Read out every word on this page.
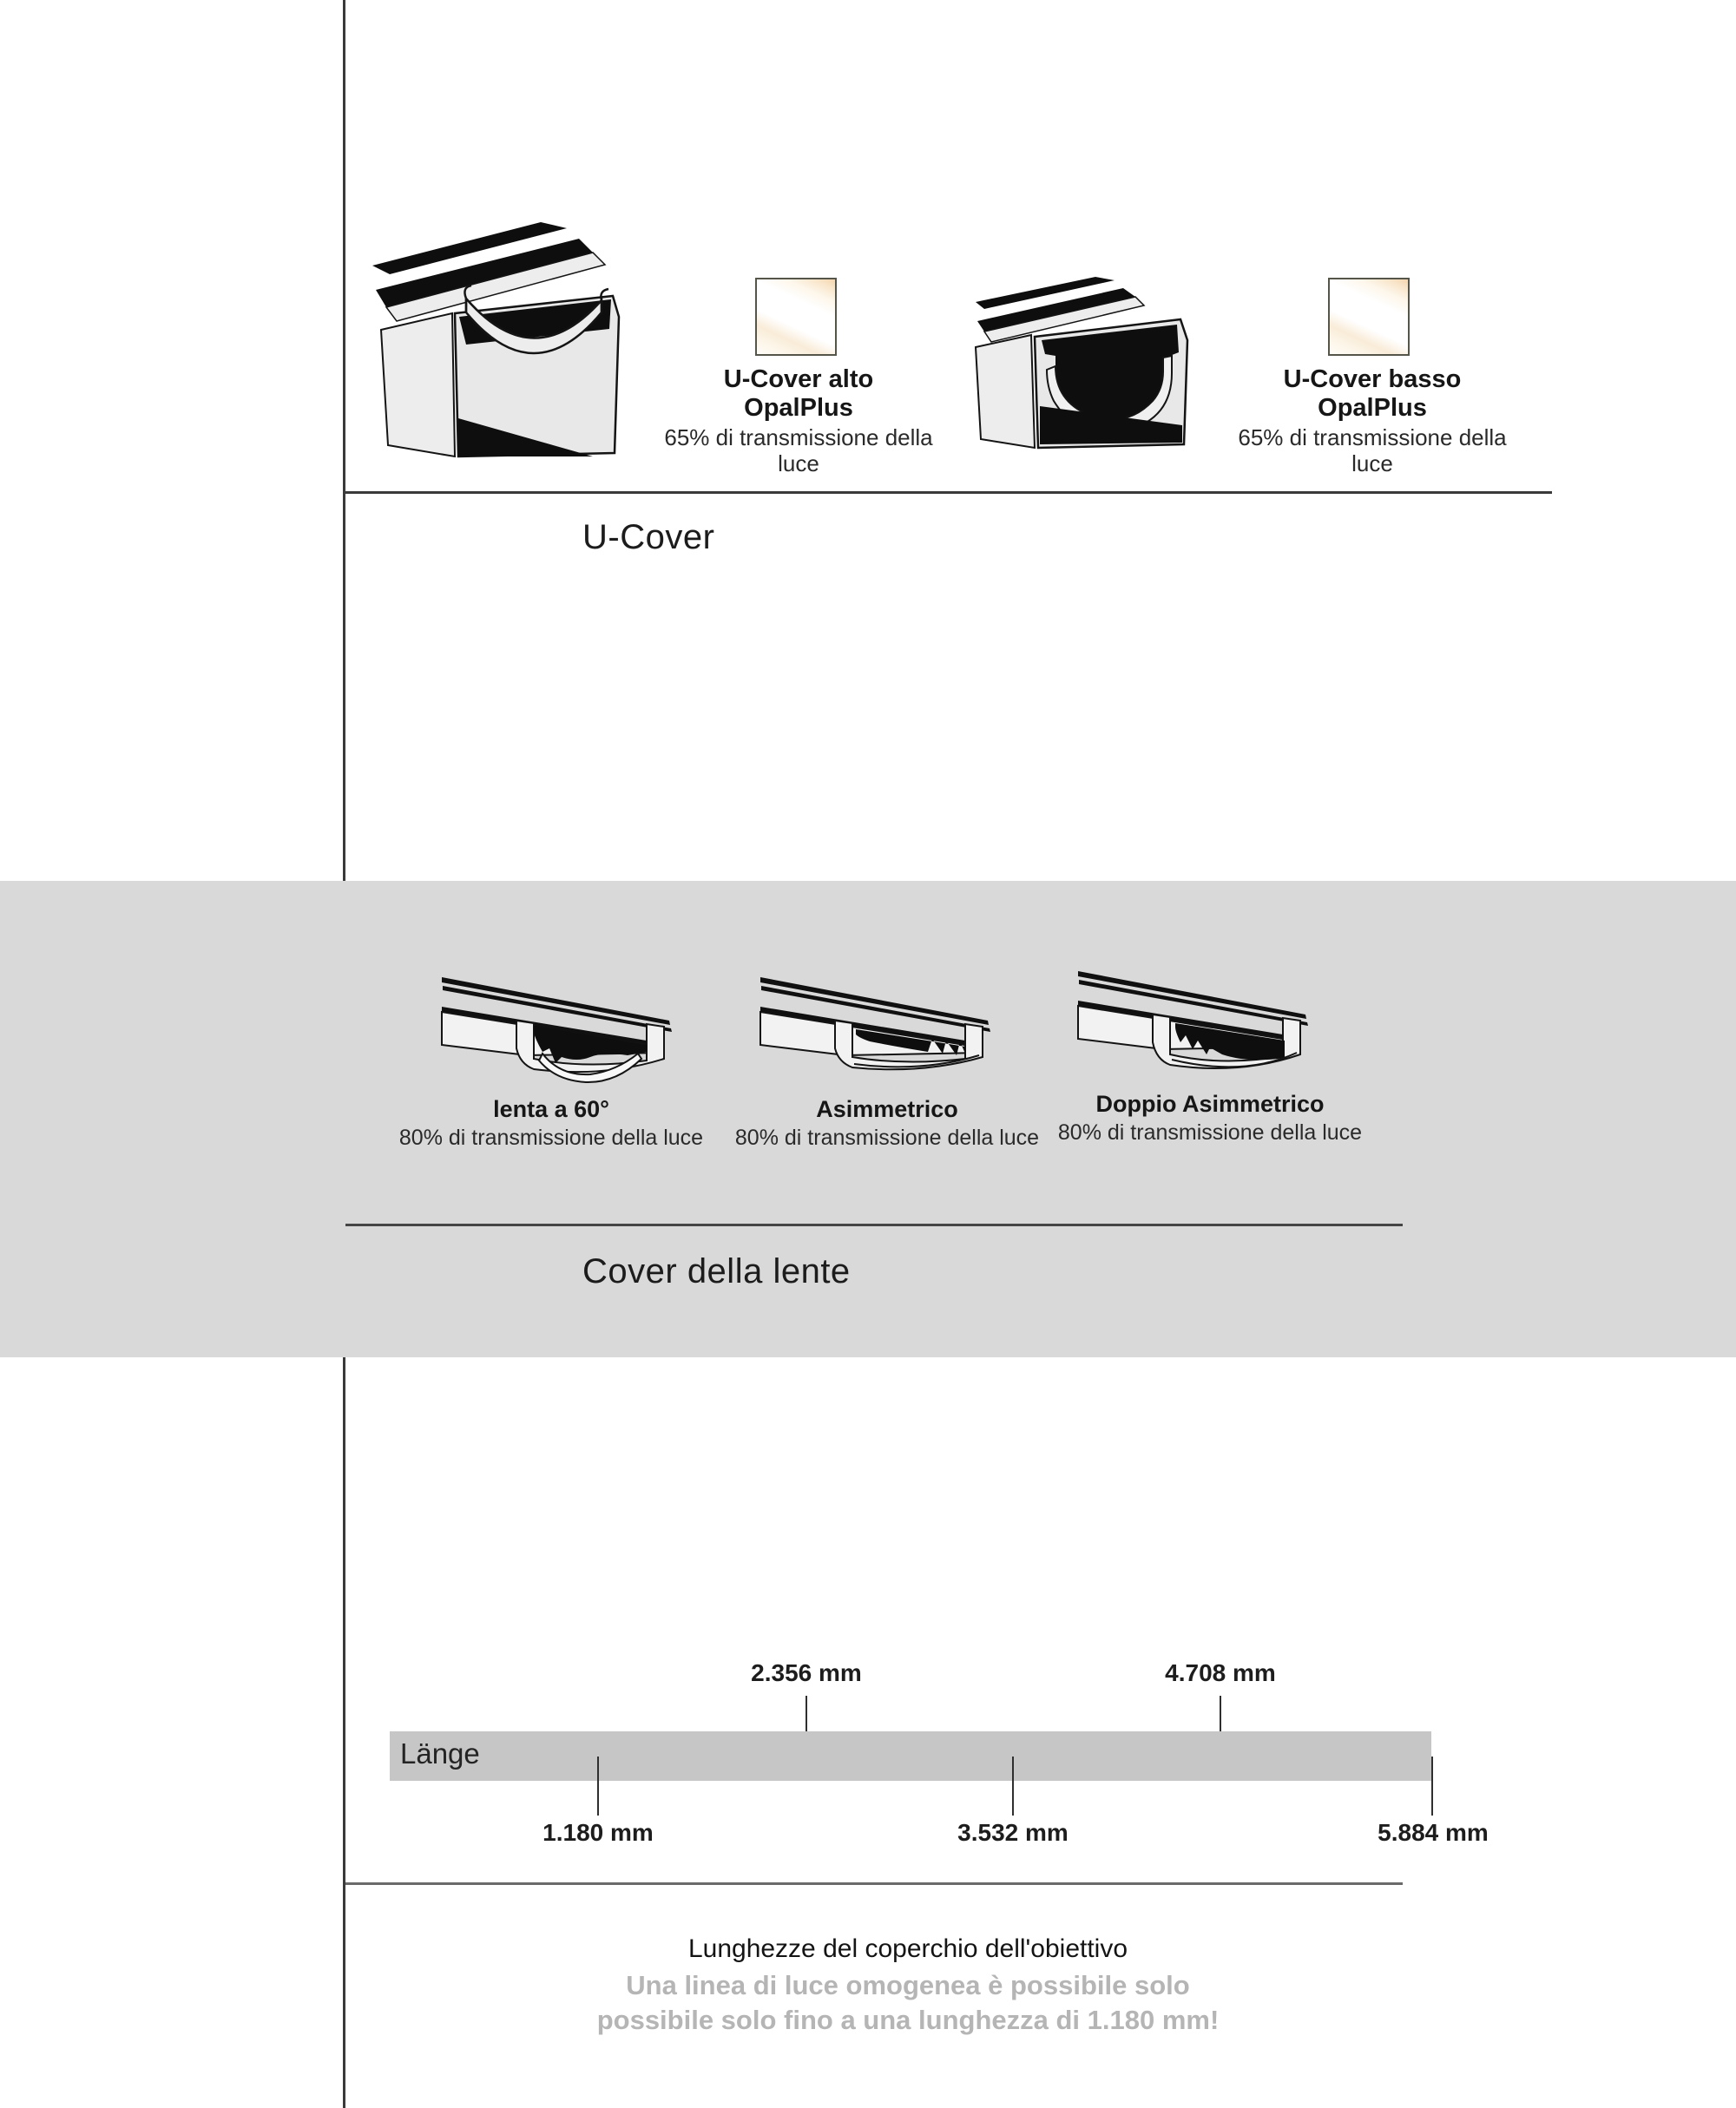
U-Cover alto
OpalPlus
65% di transmissione della luce
U-Cover basso
OpalPlus
65% di transmissione della luce
U-Cover
lenta a 60°
80% di transmissione della luce
Asimmetrico
80% di transmissione della luce
Doppio Asimmetrico
80% di transmissione della luce
Cover della lente
2.356 mm	4.708 mm
Länge
1.180 mm	3.532 mm	5.884 mm
Lunghezze del coperchio dell'obiettivo
Una linea di luce omogenea è possibile solo
possibile solo fino a una lunghezza di 1.180 mm!
